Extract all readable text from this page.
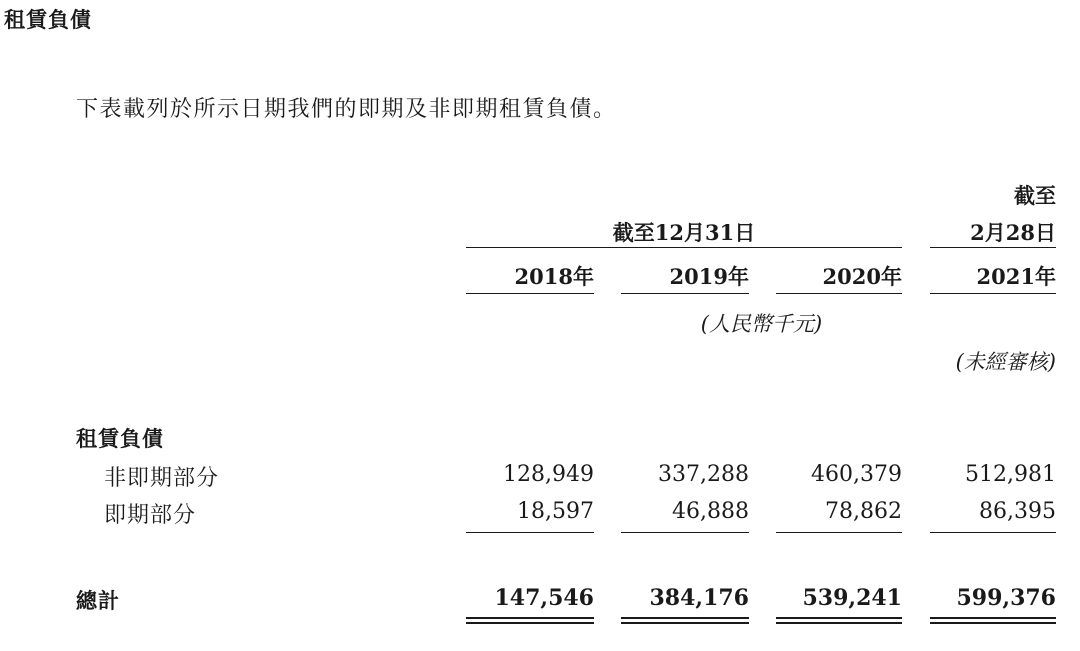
租賃負債
下表載列於所示日期我們的即期及非即期租賃負債。
截至
截至12月31日	2月28日
2018年	2019年	2020年	2021年
(人民幣千元)
(未經審核)
租賃負債
非即期部分	128,949	337,288	460,379	512,981
即期部分	18,597	46,888	78,862	86,395
總計	147,546	384,176	539,241	599,376
